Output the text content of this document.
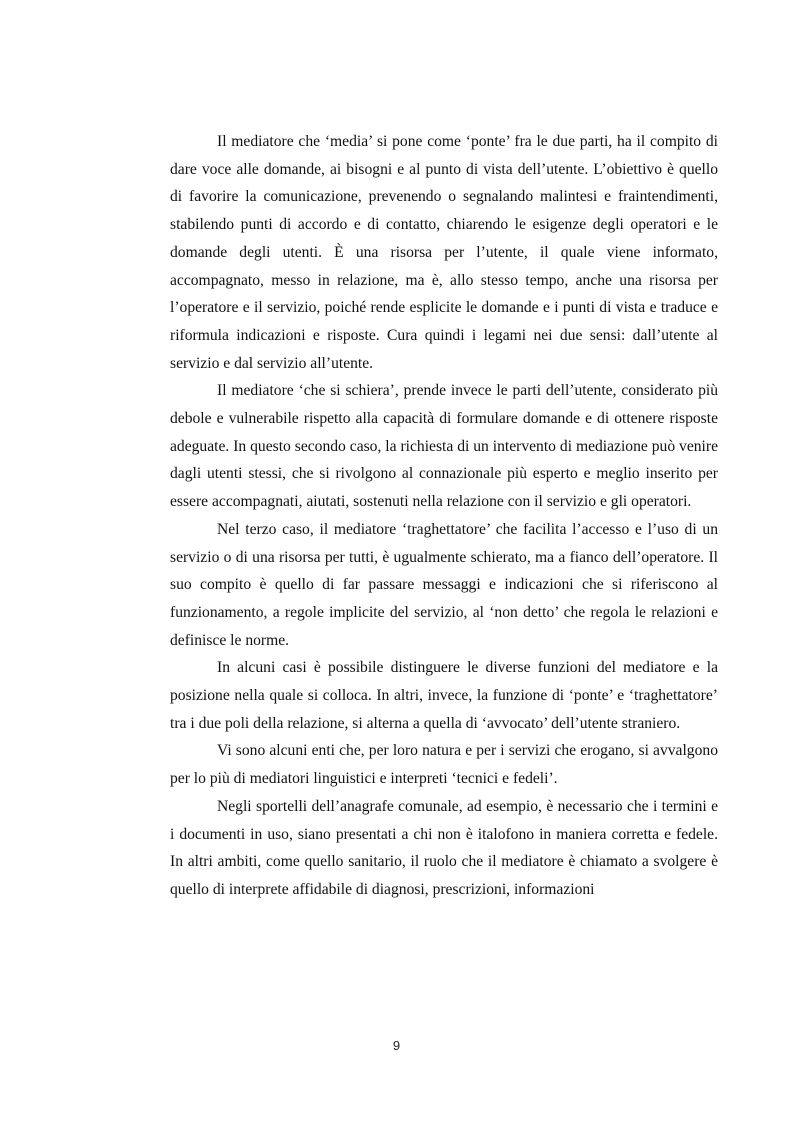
Il mediatore che ‘media’ si pone come ‘ponte’ fra le due parti, ha il compito di dare voce alle domande, ai bisogni e al punto di vista dell’utente. L’obiettivo è quello di favorire la comunicazione, prevenendo o segnalando malintesi e fraintendimenti, stabilendo punti di accordo e di contatto, chiarendo le esigenze degli operatori e le domande degli utenti. È una risorsa per l’utente, il quale viene informato, accompagnato, messo in relazione, ma è, allo stesso tempo, anche una risorsa per l’operatore e il servizio, poiché rende esplicite le domande e i punti di vista e traduce e riformula indicazioni e risposte. Cura quindi i legami nei due sensi: dall’utente al servizio e dal servizio all’utente.

Il mediatore ‘che si schiera’, prende invece le parti dell’utente, considerato più debole e vulnerabile rispetto alla capacità di formulare domande e di ottenere risposte adeguate. In questo secondo caso, la richiesta di un intervento di mediazione può venire dagli utenti stessi, che si rivolgono al connazionale più esperto e meglio inserito per essere accompagnati, aiutati, sostenuti nella relazione con il servizio e gli operatori.

Nel terzo caso, il mediatore ‘traghettatore’ che facilita l’accesso e l’uso di un servizio o di una risorsa per tutti, è ugualmente schierato, ma a fianco dell’operatore. Il suo compito è quello di far passare messaggi e indicazioni che si riferiscono al funzionamento, a regole implicite del servizio, al ‘non detto’ che regola le relazioni e definisce le norme.

In alcuni casi è possibile distinguere le diverse funzioni del mediatore e la posizione nella quale si colloca. In altri, invece, la funzione di ‘ponte’ e ‘traghettatore’ tra i due poli della relazione, si alterna a quella di ‘avvocato’ dell’utente straniero.

Vi sono alcuni enti che, per loro natura e per i servizi che erogano, si avvalgono per lo più di mediatori linguistici e interpreti ‘tecnici e fedeli’.

Negli sportelli dell’anagrafe comunale, ad esempio, è necessario che i termini e i documenti in uso, siano presentati a chi non è italofono in maniera corretta e fedele. In altri ambiti, come quello sanitario, il ruolo che il mediatore è chiamato a svolgere è quello di interprete affidabile di diagnosi, prescrizioni, informazioni

9
